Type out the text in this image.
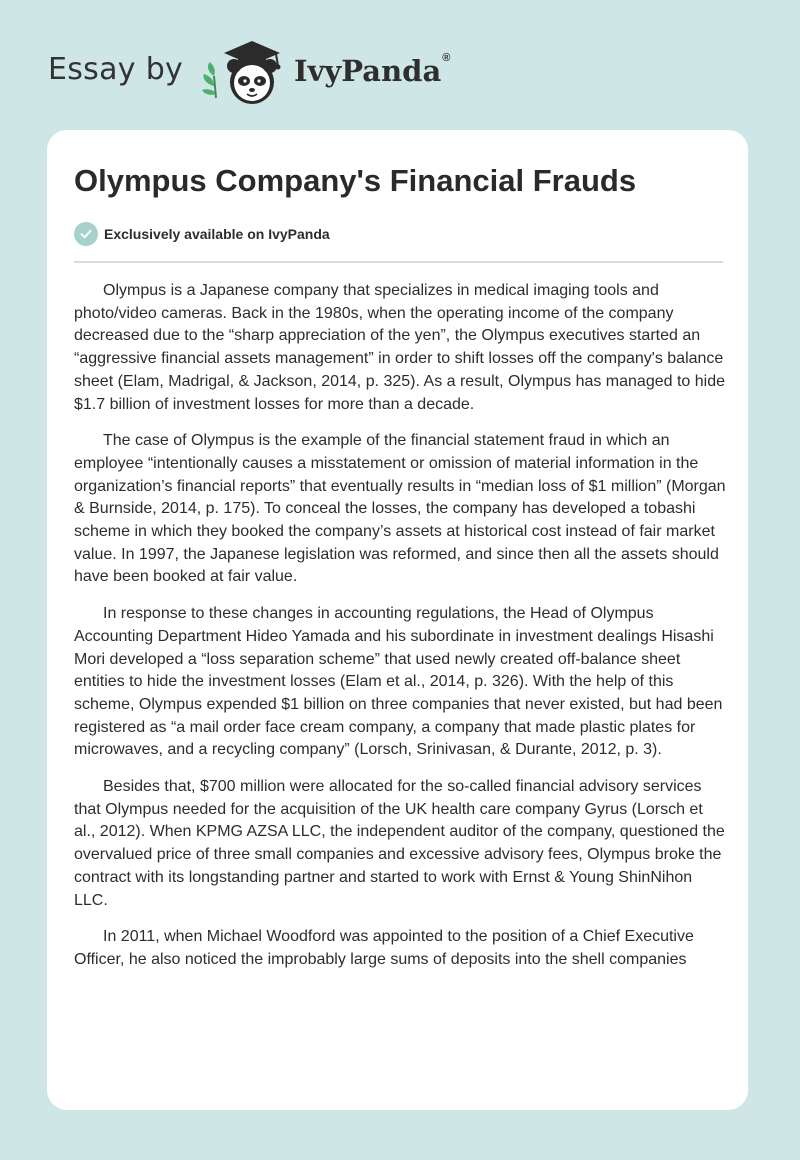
Essay by	IvyPanda®
Olympus Company's Financial Frauds
Exclusively available on IvyPanda

Olympus is a Japanese company that specializes in medical imaging tools and photo/video cameras. Back in the 1980s, when the operating income of the company decreased due to the “sharp appreciation of the yen”, the Olympus executives started an “aggressive financial assets management” in order to shift losses off the company's balance sheet (Elam, Madrigal, & Jackson, 2014, p. 325). As a result, Olympus has managed to hide $1.7 billion of investment losses for more than a decade.

The case of Olympus is the example of the financial statement fraud in which an employee “intentionally causes a misstatement or omission of material information in the organization’s financial reports” that eventually results in “median loss of $1 million” (Morgan & Burnside, 2014, p. 175). To conceal the losses, the company has developed a tobashi scheme in which they booked the company’s assets at historical cost instead of fair market value. In 1997, the Japanese legislation was reformed, and since then all the assets should have been booked at fair value.

In response to these changes in accounting regulations, the Head of Olympus Accounting Department Hideo Yamada and his subordinate in investment dealings Hisashi Mori developed a “loss separation scheme” that used newly created off-balance sheet entities to hide the investment losses (Elam et al., 2014, p. 326). With the help of this scheme, Olympus expended $1 billion on three companies that never existed, but had been registered as “a mail order face cream company, a company that made plastic plates for microwaves, and a recycling company” (Lorsch, Srinivasan, & Durante, 2012, p. 3).

Besides that, $700 million were allocated for the so-called financial advisory services that Olympus needed for the acquisition of the UK health care company Gyrus (Lorsch et al., 2012). When KPMG AZSA LLC, the independent auditor of the company, questioned the overvalued price of three small companies and excessive advisory fees, Olympus broke the contract with its longstanding partner and started to work with Ernst & Young ShinNihon LLC.

In 2011, when Michael Woodford was appointed to the position of a Chief Executive Officer, he also noticed the improbably large sums of deposits into the shell companies
